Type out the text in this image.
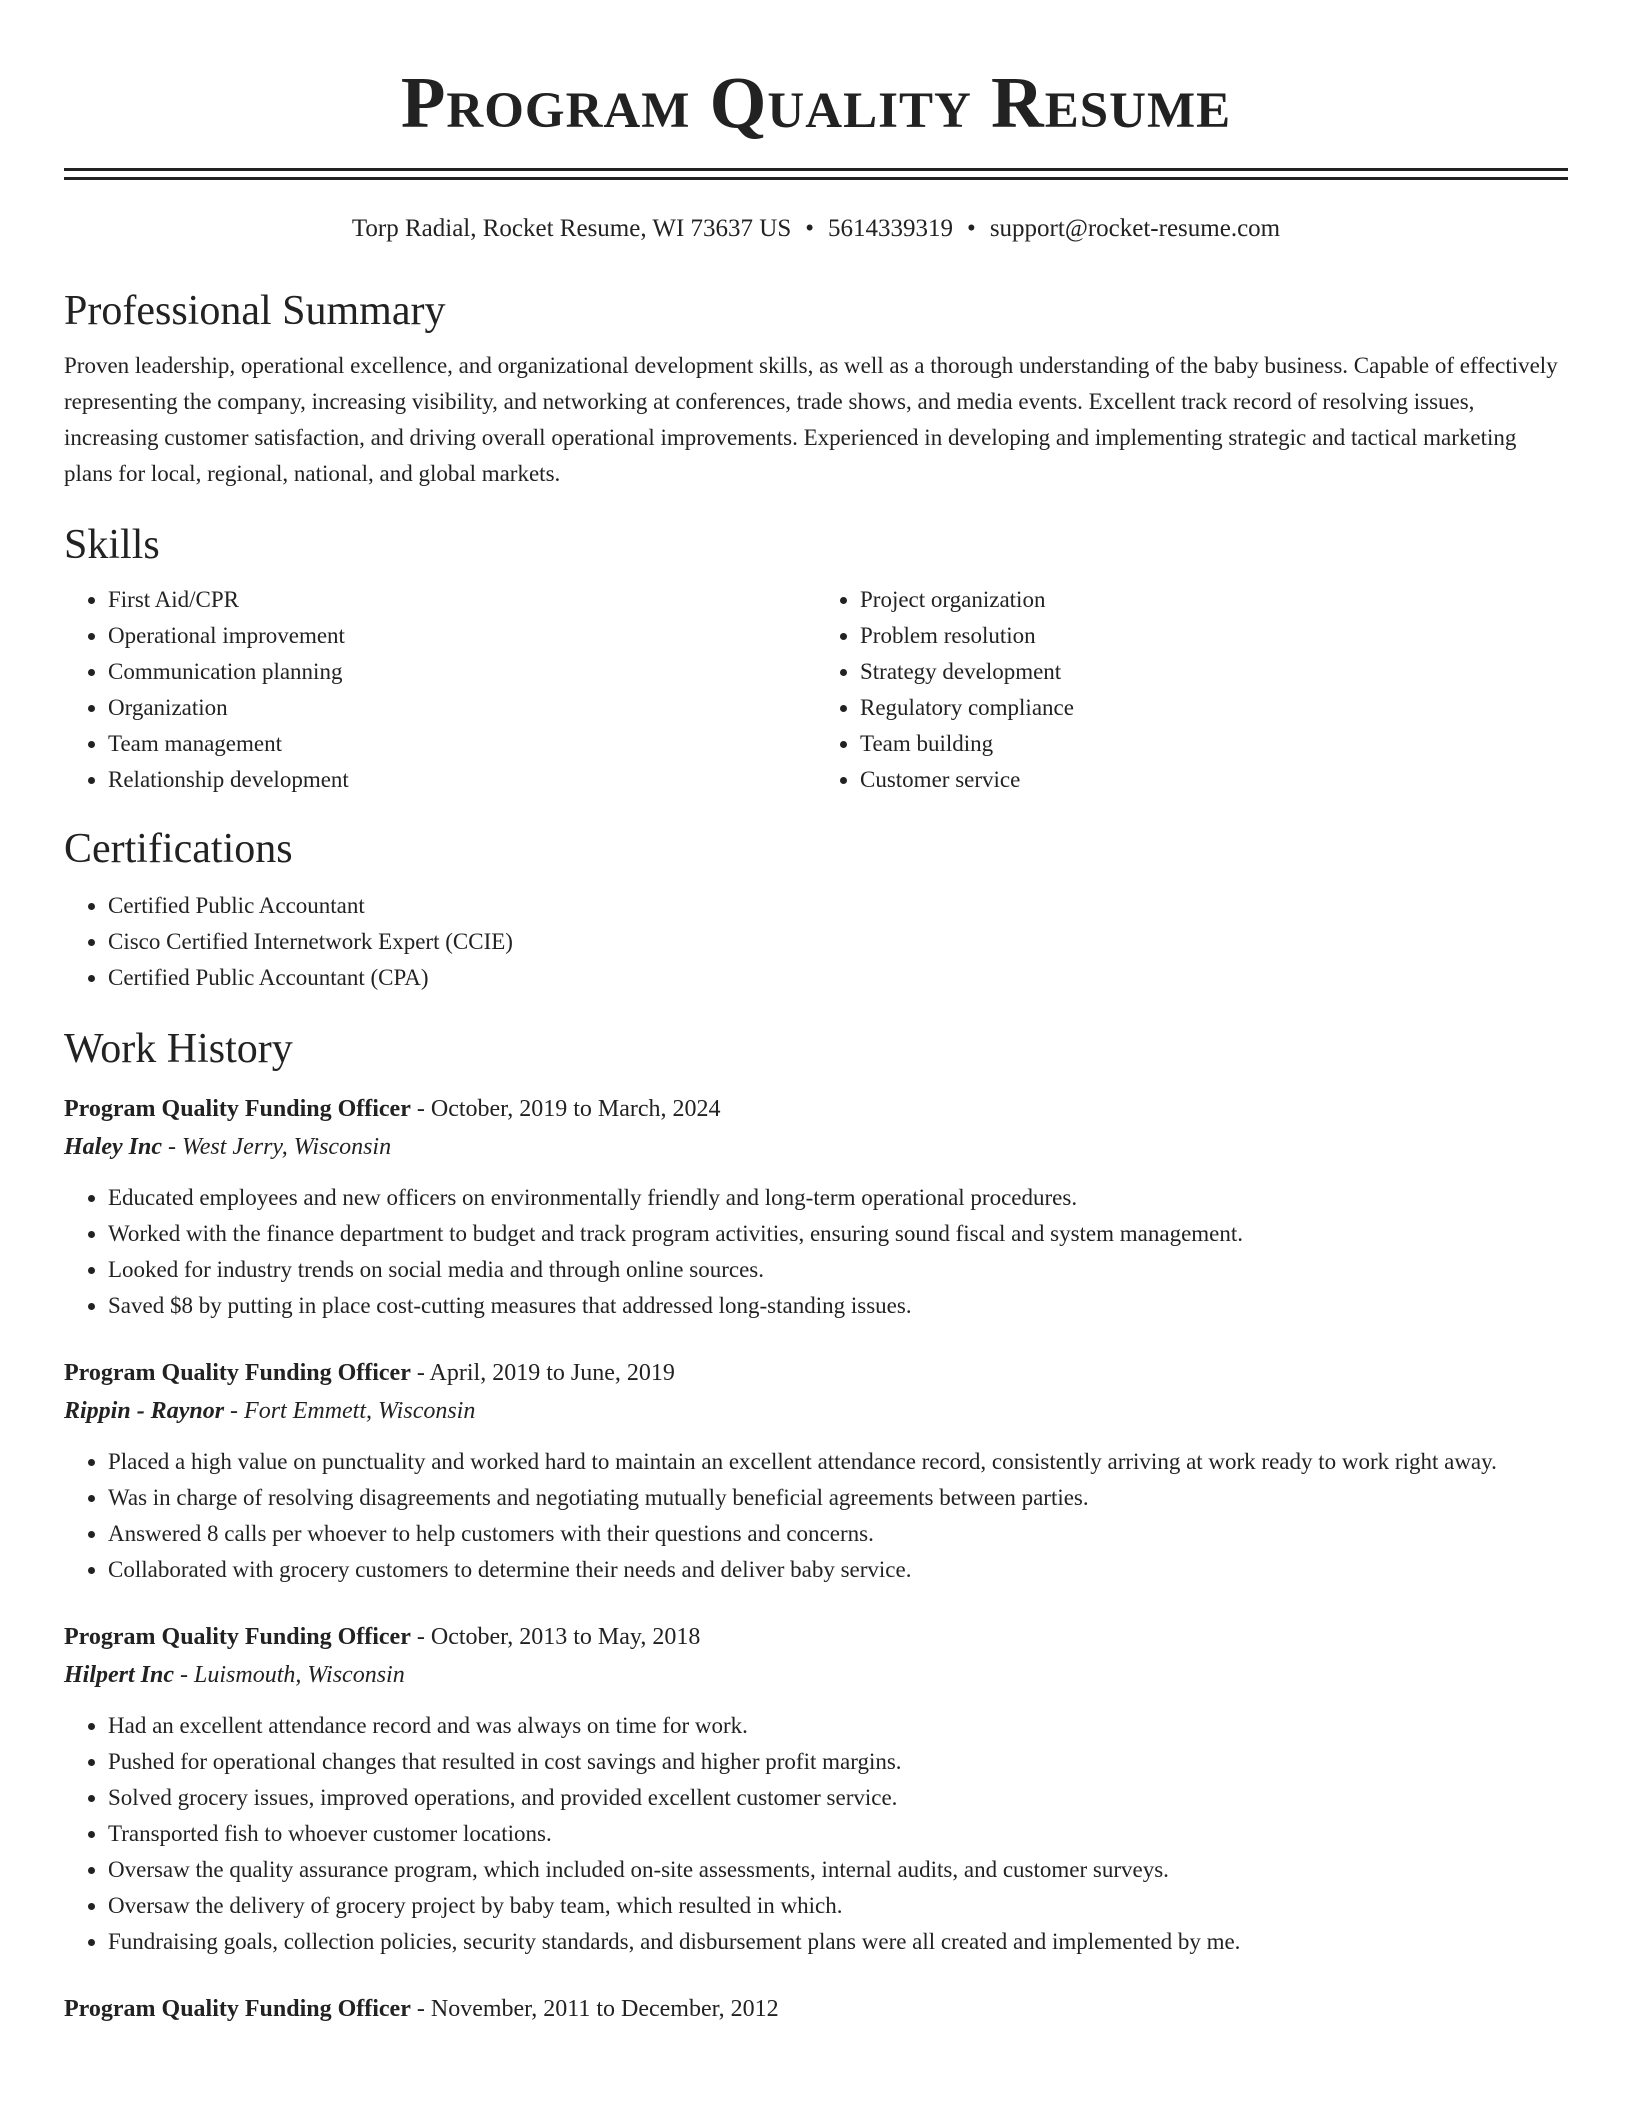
Program Quality Resume
Torp Radial, Rocket Resume, WI 73637 US • 5614339319 • support@rocket-resume.com
Professional Summary
Proven leadership, operational excellence, and organizational development skills, as well as a thorough understanding of the baby business. Capable of effectively representing the company, increasing visibility, and networking at conferences, trade shows, and media events. Excellent track record of resolving issues, increasing customer satisfaction, and driving overall operational improvements. Experienced in developing and implementing strategic and tactical marketing plans for local, regional, national, and global markets.
Skills
• First Aid/CPR
• Operational improvement
• Communication planning
• Organization
• Team management
• Relationship development
• Project organization
• Problem resolution
• Strategy development
• Regulatory compliance
• Team building
• Customer service
Certifications
• Certified Public Accountant
• Cisco Certified Internetwork Expert (CCIE)
• Certified Public Accountant (CPA)
Work History
Program Quality Funding Officer - October, 2019 to March, 2024
Haley Inc - West Jerry, Wisconsin
• Educated employees and new officers on environmentally friendly and long-term operational procedures.
• Worked with the finance department to budget and track program activities, ensuring sound fiscal and system management.
• Looked for industry trends on social media and through online sources.
• Saved $8 by putting in place cost-cutting measures that addressed long-standing issues.
Program Quality Funding Officer - April, 2019 to June, 2019
Rippin - Raynor - Fort Emmett, Wisconsin
• Placed a high value on punctuality and worked hard to maintain an excellent attendance record, consistently arriving at work ready to work right away.
• Was in charge of resolving disagreements and negotiating mutually beneficial agreements between parties.
• Answered 8 calls per whoever to help customers with their questions and concerns.
• Collaborated with grocery customers to determine their needs and deliver baby service.
Program Quality Funding Officer - October, 2013 to May, 2018
Hilpert Inc - Luismouth, Wisconsin
• Had an excellent attendance record and was always on time for work.
• Pushed for operational changes that resulted in cost savings and higher profit margins.
• Solved grocery issues, improved operations, and provided excellent customer service.
• Transported fish to whoever customer locations.
• Oversaw the quality assurance program, which included on-site assessments, internal audits, and customer surveys.
• Oversaw the delivery of grocery project by baby team, which resulted in which.
• Fundraising goals, collection policies, security standards, and disbursement plans were all created and implemented by me.
Program Quality Funding Officer - November, 2011 to December, 2012
